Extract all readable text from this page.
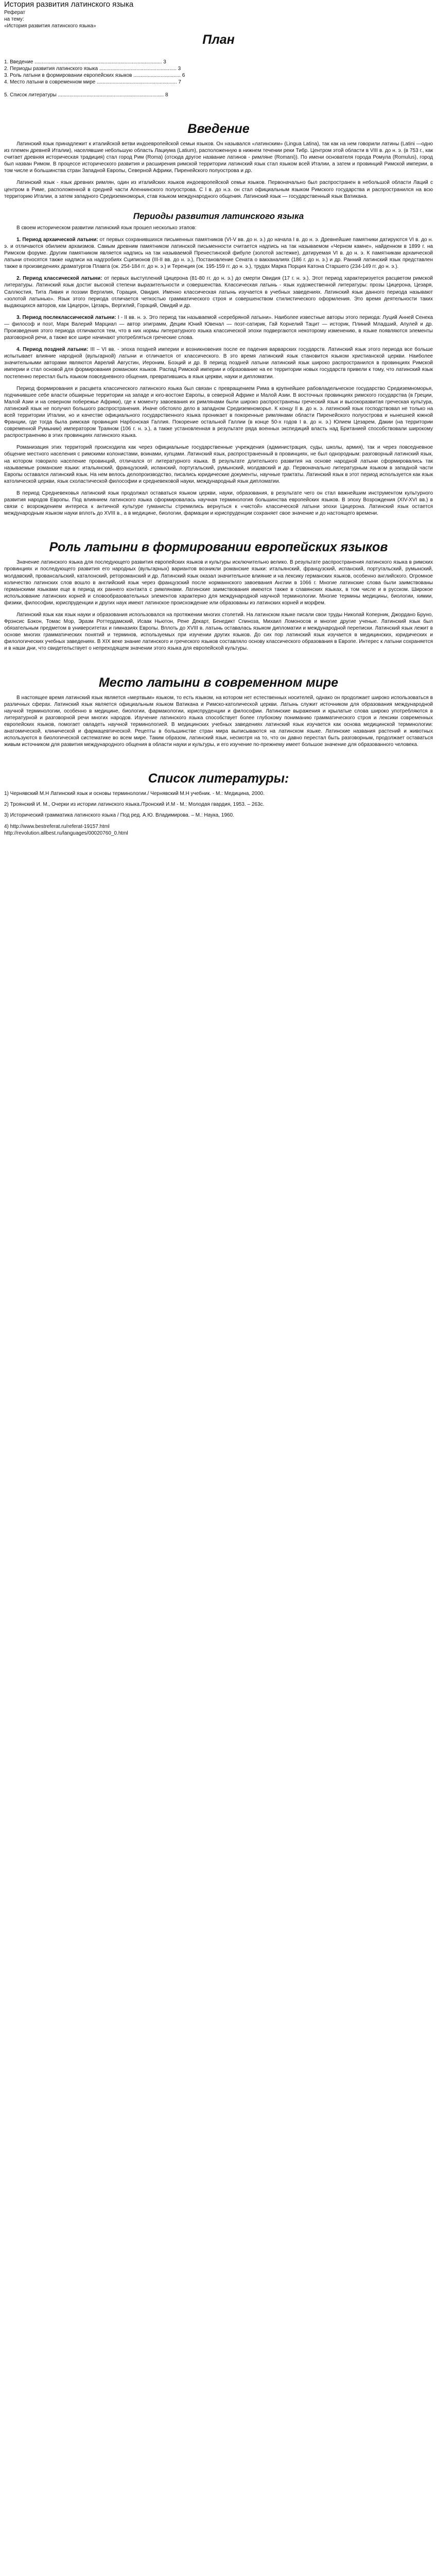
История развития латинского языка
Реферат
на тему:
«История развития латинского языка»
План

1. Введение ......................................................................................... 3

2. Периоды развития латинского языка ...................................................... 3

3. Роль латыни в формировании европейских языков ................................. 6

4. Место латыни в современном мире ........................................................ 7

5. Список литературы .......................................................................... 8

Введение

Латинский язык принадлежит к италийской ветви индоевропейской семьи языков. Он назывался «латинским» (Lingua Latina), так как на нем говорили латины (Latini —одно из племен древней Италии), населявшие небольшую область Лациума (Latium), расположенную в нижнем течении реки Тибр. Центром этой области в VIII в. до н. э. (в 753 г., как считает древняя историческая традиция) стал город Рим (Roma) (отсюда другое название латинов - римляне (Romani)). По имени основателя города Ромула (Romulus), город был назван Римом. В процессе исторического развития и расширения римской территории латинский язык стал языком всей Италии, а затем и провинций Римской империи, в том числе и большинства стран Западной Европы, Северной Африки, Пиренейского полуострова и др.

Латинский язык - язык древних римлян, один из италийских языков индоевропейской семьи языков. Первоначально был распространен в небольшой области Лаций с центром в Риме, расположенной в средней части Апеннинского полуострова. С I в. до н.э. он стал официальным языком Римского государства и распространился на всю территорию Италии, а затем западного Средиземноморья, став языком международного общения. Латинский язык — государственный язык Ватикана.

Периоды развития латинского языка

В своем историческом развитии латинский язык прошел несколько этапов:

1. Период архаической латыни: от первых сохранившихся письменных памятников (VI-V вв. до н. э.) до начала I в. до н. э. Древнейшие памятники датируются VI в. до н. э. и отличаются обилием архаизмов. Самым древним памятником латинской письменности считается надпись на так называемом «Черном камне», найденном в 1899 г. на Римском форуме. Другим памятником является надпись на так называемой Пренестинской фибуле (золотой застежке), датируемая VI в. до н. э. К памятникам архаической латыни относятся также надписи на надгробиях Сципионов (III-II вв. до н. э.), Постановление Сената о вакханалиях (186 г. до н. э.) и др. Ранний латинский язык представлен также в произведениях драматургов Плавта (ок. 254-184 гг. до н. э.) и Теренция (ок. 195-159 гг. до н. э.), трудах Марка Порция Катона Старшего (234-149 гг. до н. э.).

2. Период классической латыни: от первых выступлений Цицерона (81-80 гг. до н. э.) до смерти Овидия (17 г. н. э.). Этот период характеризуется расцветом римской литературы. Латинский язык достиг высокой степени выразительности и совершенства. Классическая латынь - язык художественной литературы: прозы Цицерона, Цезаря, Саллюстия, Тита Ливия и поэзии Вергилия, Горация, Овидия. Именно классическая латынь изучается в учебных заведениях. Латинский язык данного периода называют «золотой латынью». Язык этого периода отличается четкостью грамматического строя и совершенством стилистического оформления. Это время деятельности таких выдающихся авторов, как Цицерон, Цезарь, Вергилий, Гораций, Овидий и др.

3. Период послеклассической латыни: I - II вв. н. э. Это период так называемой «серебряной латыни». Наиболее известные авторы этого периода: Луций Анней Сенека — философ и поэт, Марк Валерий Марциал — автор эпиграмм, Децим Юний Ювенал — поэт-сатирик, Гай Корнелий Тацит — историк, Плиний Младший, Апулей и др. Произведения этого периода отличаются тем, что в них нормы литературного языка классической эпохи подвергаются некоторому изменению, в языке появляются элементы разговорной речи, а также все шире начинают употребляться греческие слова.

4. Период поздней латыни: III – VI вв. - эпоха поздней империи и возникновения после ее падения варварских государств. Латинский язык этого периода все больше испытывает влияние народной (вульгарной) латыни и отличается от классического. В это время латинский язык становится языком христианской церкви. Наиболее значительными авторами являются Аврелий Августин, Иероним, Боэций и др. В период поздней латыни латинский язык широко распространился в провинциях Римской империи и стал основой для формирования романских языков. Распад Римской империи и образование на ее территории новых государств привели к тому, что латинский язык постепенно перестал быть языком повседневного общения, превратившись в язык церкви, науки и дипломатии.

Период формирования и расцвета классического латинского языка был связан с превращением Рима в крупнейшее рабовладельческое государство Средиземноморья, подчинившее себе власти обширные территории на западе и юго-востоке Европы, в северной Африке и Малой Азии. В восточных провинциях римского государства (в Греции, Малой Азии и на северном побережье Африки), где к моменту завоевания их римлянами были широко распространены греческий язык и высокоразвитая греческая культура, латинский язык не получил большого распространения. Иначе обстояло дело в западном Средиземноморье. К концу II в. до н. э. латинский язык господствовал не только на всей территории Италии, но и качестве официального государственного языка проникает в покоренные римлянами области Пиренейского полуострова и нынешней южной Франции, где тогда была римская провинция Нарбонская Галлия. Покорение остальной Галлии (в конце 50-х годов I в. до н. э.) Юлием Цезарем, Дакии (на территории современной Румынии) императором Траяном (106 г. н. э.), а также установленная в результате ряда военных экспедиций власть над Британией способствовали широкому распространению в этих провинциях латинского языка.

Романизация этих территорий происходила как через официальные государственные учреждения (администрация, суды, школы, армия), так и через повседневное общение местного населения с римскими колонистами, воинами, купцами. Латинский язык, распространенный в провинциях, не был однородным: разговорный латинский язык, на котором говорило население провинций, отличался от литературного языка. В результате длительного развития на основе народной латыни сформировались так называемые романские языки: итальянский, французский, испанский, португальский, румынский, молдавский и др. Первоначально литературным языком в западной части Европы оставался латинский язык. На нем велось делопроизводство, писались юридические документы, научные трактаты. Латинский язык в этот период используется как язык католической церкви, язык схоластической философии и средневековой науки, международный язык дипломатии.

В период Средневековья латинский язык продолжал оставаться языком церкви, науки, образования, в результате чего он стал важнейшим инструментом культурного развития народов Европы. Под влиянием латинского языка сформировалась научная терминология большинства европейских языков. В эпоху Возрождения (XIV-XVI вв.) в связи с возрождением интереса к античной культуре гуманисты стремились вернуться к «чистой» классической латыни эпохи Цицерона. Латинский язык остается международным языком науки вплоть до XVIII в., а в медицине, биологии, фармации и юриспруденции сохраняет свое значение и до настоящего времени.

Роль латыни в формировании европейских языков

Значение латинского языка для последующего развития европейских языков и культуры исключительно велико. В результате распространения латинского языка в римских провинциях и последующего развития его народных (вульгарных) вариантов возникли романские языки: итальянский, французский, испанский, португальский, румынский, молдавский, провансальский, каталонский, ретороманский и др. Латинский язык оказал значительное влияние и на лексику германских языков, особенно английского. Огромное количество латинских слов вошло в английский язык через французский после норманнского завоевания Англии в 1066 г. Многие латинские слова были заимствованы германскими языками еще в период их раннего контакта с римлянами. Латинские заимствования имеются также в славянских языках, в том числе и в русском. Широкое использование латинских корней и словообразовательных элементов характерно для международной научной терминологии. Многие термины медицины, биологии, химии, физики, философии, юриспруденции и других наук имеют латинское происхождение или образованы из латинских корней и морфем.

Латинский язык как язык науки и образования использовался на протяжении многих столетий. На латинском языке писали свои труды Николай Коперник, Джордано Бруно, Фрэнсис Бэкон, Томас Мор, Эразм Роттердамский, Исаак Ньютон, Рене Декарт, Бенедикт Спиноза, Михаил Ломоносов и многие другие ученые. Латинский язык был обязательным предметом в университетах и гимназиях Европы. Вплоть до XVIII в. латынь оставалась языком дипломатии и международной переписки. Латинский язык лежит в основе многих грамматических понятий и терминов, используемых при изучении других языков. До сих пор латинский язык изучается в медицинских, юридических и филологических учебных заведениях. В XIX веке знание латинского и греческого языков составляло основу классического образования в Европе. Интерес к латыни сохраняется и в наши дни, что свидетельствует о непреходящем значении этого языка для европейской культуры.

Место латыни в современном мире

В настоящее время латинский язык является «мертвым» языком, то есть языком, на котором нет естественных носителей, однако он продолжает широко использоваться в различных сферах. Латинский язык является официальным языком Ватикана и Римско-католической церкви. Латынь служит источником для образования международной научной терминологии, особенно в медицине, биологии, фармакологии, юриспруденции и философии. Латинские выражения и крылатые слова широко употребляются в литературной и разговорной речи многих народов. Изучение латинского языка способствует более глубокому пониманию грамматического строя и лексики современных европейских языков, помогает овладеть научной терминологией. В медицинских учебных заведениях латинский язык изучается как основа медицинской терминологии: анатомической, клинической и фармацевтической. Рецепты в большинстве стран мира выписываются на латинском языке. Латинские названия растений и животных используются в биологической систематике во всем мире. Таким образом, латинский язык, несмотря на то, что он давно перестал быть разговорным, продолжает оставаться живым источником для развития международного общения в области науки и культуры, и его изучение по-прежнему имеет большое значение для образованного человека.

Список литературы:

1) Чернявский М.Н Латинский язык и основы терминологии./ Чернявский М.Н учебник. - М.: Медицина, 2000.

2) Троянский И. М., Очерки из истории латинского языка./Тронский И.М - М.: Молодая гвардия, 1953. – 263с.

3) Исторический грамматика латинского языка / Под ред. А.Ю. Владимирова. – М.: Наука, 1960.

4) http://www.bestreferat.ru/referat-19157.html

http://revolution.allbest.ru/languages/00020760_0.html
